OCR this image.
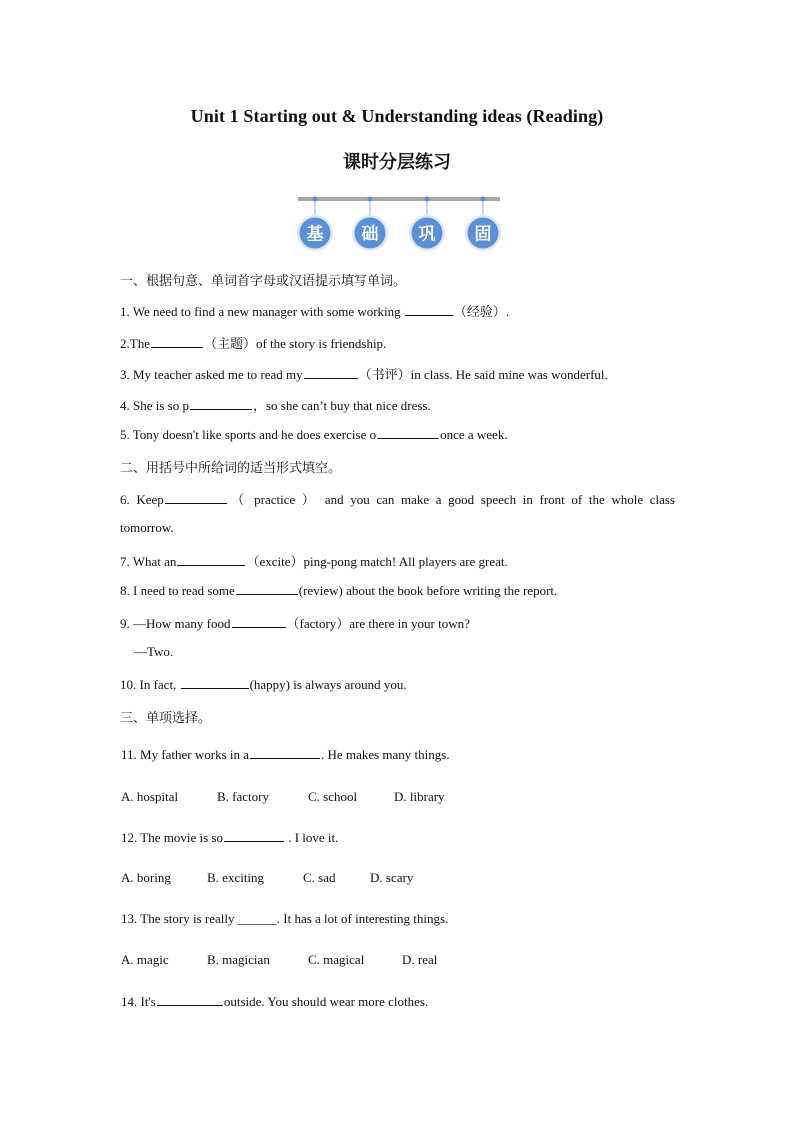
Unit 1 Starting out & Understanding ideas (Reading)
课时分层练习
基 础 巩 固
一、根据句意、单词首字母或汉语提示填写单词。
1. We need to find a new manager with some working	（经验）.
2.The	（主题）of the story is friendship.
3. My teacher asked me to read my	（书评）in class. He said mine was wonderful.
4. She is so p	，so she can’t buy that nice dress.
5. Tony doesn't like sports and he does exercise o	once a week.
二、用括号中所给词的适当形式填空。
6. Keep	（ practice ） and you can make a good speech in front of the whole class
tomorrow.
7. What an	（excite）ping-pong match! All players are great.
8. I need to read some	(review) about the book before writing the report.
9. —How many food	（factory）are there in your town?
—Two.
10. In fact,	(happy) is always around you.
三、单项选择。
11. My father works in a	. He makes many things.
A. hospital	B. factory	C. school	D. library
12. The movie is so	. I love it.
A. boring	B. exciting	C. sad	D. scary
13. The story is really ______. It has a lot of interesting things.
A. magic	B. magician	C. magical	D. real
14. It's	outside. You should wear more clothes.
